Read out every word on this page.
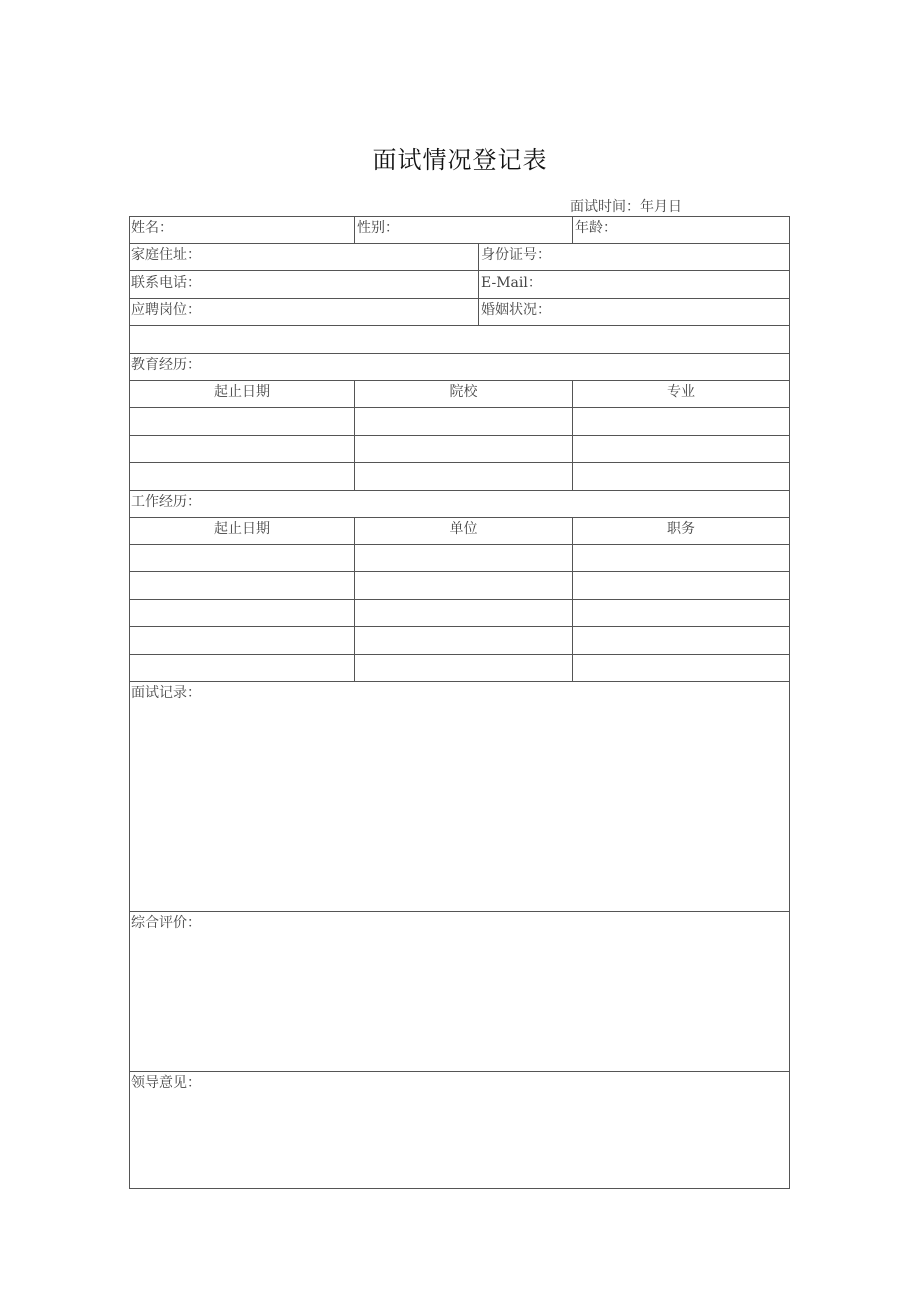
面试情况登记表
面试时间：年月日
姓名：	性别：	年龄：
家庭住址：	身份证号：
联系电话：	E-Mail：
应聘岗位：	婚姻状况：
教育经历：
起止日期	院校	专业
工作经历：
起止日期	单位	职务
面试记录：
综合评价：
领导意见：
